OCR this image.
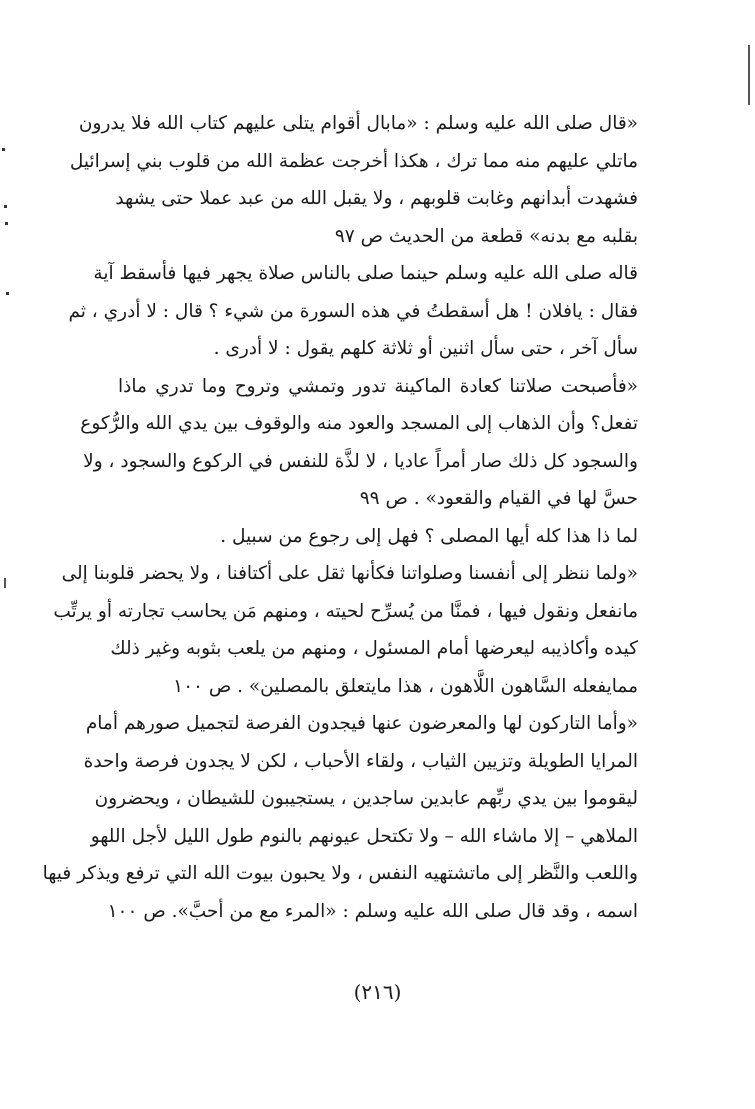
«قال صلى الله عليه وسلم : «مابال أقوام يتلى عليهم كتاب الله فلا يدرون
ماتلي عليهم منه مما ترك ، هكذا أخرجت عظمة الله من قلوب بني إسرائيل
فشهدت أبدانهم وغابت قلوبهم ، ولا يقبل الله من عبد عملا حتى يشهد
بقلبه مع بدنه» قطعة من الحديث ص ٩٧
قاله صلى الله عليه وسلم حينما صلى بالناس صلاة يجهر فيها فأسقط آية
فقال : يافلان ! هل أسقطتُ في هذه السورة من شيء ؟ قال : لا أدري ، ثم
سأل آخر ، حتى سأل اثنين أو ثلاثة كلهم يقول : لا أدرى .
«فأصبحت صلاتنا كعادة الماكينة تدور وتمشي وتروح وما تدري ماذا
تفعل؟ وأن الذهاب إلى المسجد والعود منه والوقوف بين يدي الله والرُّكوع
والسجود كل ذلك صار أمراً عاديا ، لا لذَّة للنفس في الركوع والسجود ، ولا
حسَّ لها في القيام والقعود» . ص ٩٩
لما ذا هذا كله أيها المصلى ؟ فهل إلى رجوع من سبيل .
«ولما ننظر إلى أنفسنا وصلواتنا فكأنها ثقل على أكتافنا ، ولا يحضر قلوبنا إلى
مانفعل ونقول فيها ، فمنَّا من يُسرِّح لحيته ، ومنهم مَن يحاسب تجارته أو يرتِّب
كيده وأكاذيبه ليعرضها أمام المسئول ، ومنهم من يلعب بثوبه وغير ذلك
ممايفعله السَّاهون اللَّاهون ، هذا مايتعلق بالمصلين» . ص ١٠٠
«وأما التاركون لها والمعرضون عنها فيجدون الفرصة لتجميل صورهم أمام
المرايا الطويلة وتزيين الثياب ، ولقاء الأحباب ، لكن لا يجدون فرصة واحدة
ليقوموا بين يدي ربِّهم عابدين ساجدين ، يستجيبون للشيطان ، ويحضرون
الملاهي – إلا ماشاء الله – ولا تكتحل عيونهم بالنوم طول الليل لأجل اللهو
واللعب والنَّظر إلى ماتشتهيه النفس ، ولا يحبون بيوت الله التي ترفع ويذكر فيها
اسمه ، وقد قال صلى الله عليه وسلم : «المرء مع من أحبَّ». ص ١٠٠
(٢١٦)
